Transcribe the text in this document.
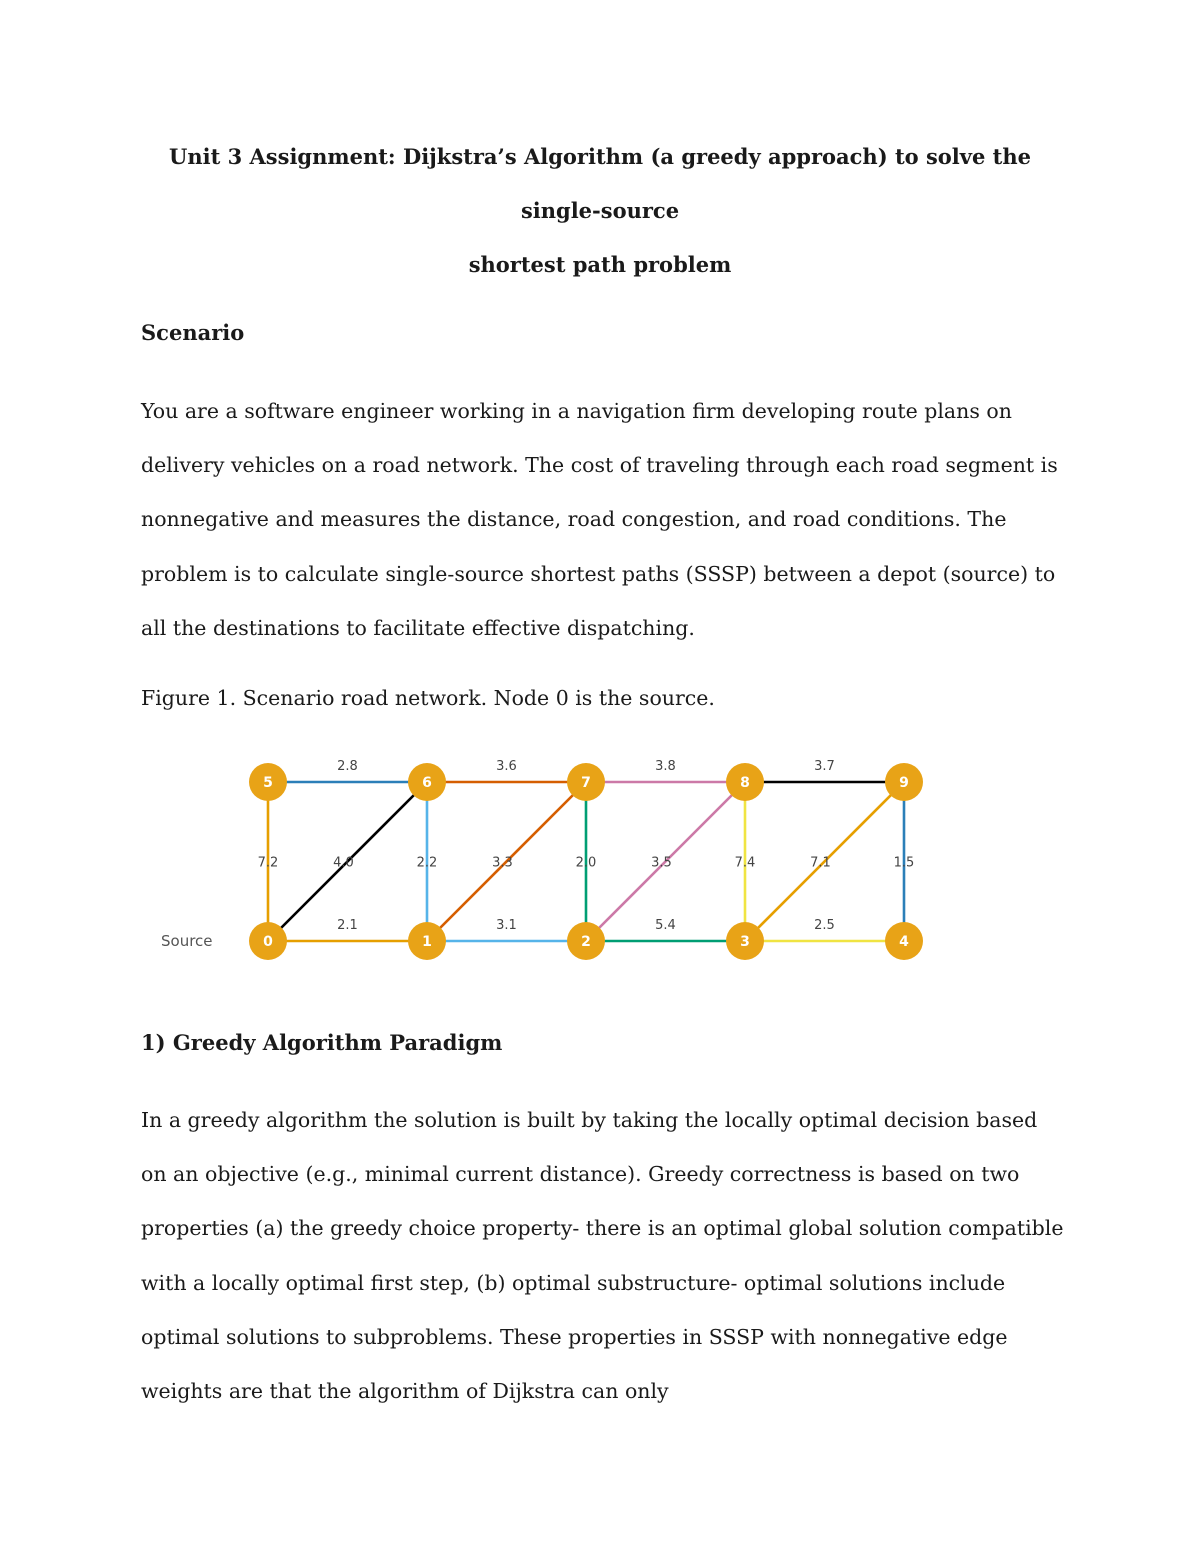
Unit 3 Assignment: Dijkstra’s Algorithm (a greedy approach) to solve the single-source
shortest path problem
Scenario

You are a software engineer working in a navigation firm developing route plans on delivery vehicles on a road network. The cost of traveling through each road segment is nonnegative and measures the distance, road congestion, and road conditions. The problem is to calculate single-source shortest paths (SSSP) between a depot (source) to all the destinations to facilitate effective dispatching.

Figure 1. Scenario road network. Node 0 is the source.

2.8	3.6	3.8	3.7
7.2	4.0	2.2	3.3	2.0	3.5	7.4	7.1	1.5
2.1	3.1	5.4	2.5
0	1	2	3	4
5	6	7	8	9
Source
1) Greedy Algorithm Paradigm

In a greedy algorithm the solution is built by taking the locally optimal decision based on an objective (e.g., minimal current distance). Greedy correctness is based on two properties (a) the greedy choice property- there is an optimal global solution compatible with a locally optimal first step, (b) optimal substructure- optimal solutions include optimal solutions to subproblems. These properties in SSSP with nonnegative edge weights are that the algorithm of Dijkstra can only
